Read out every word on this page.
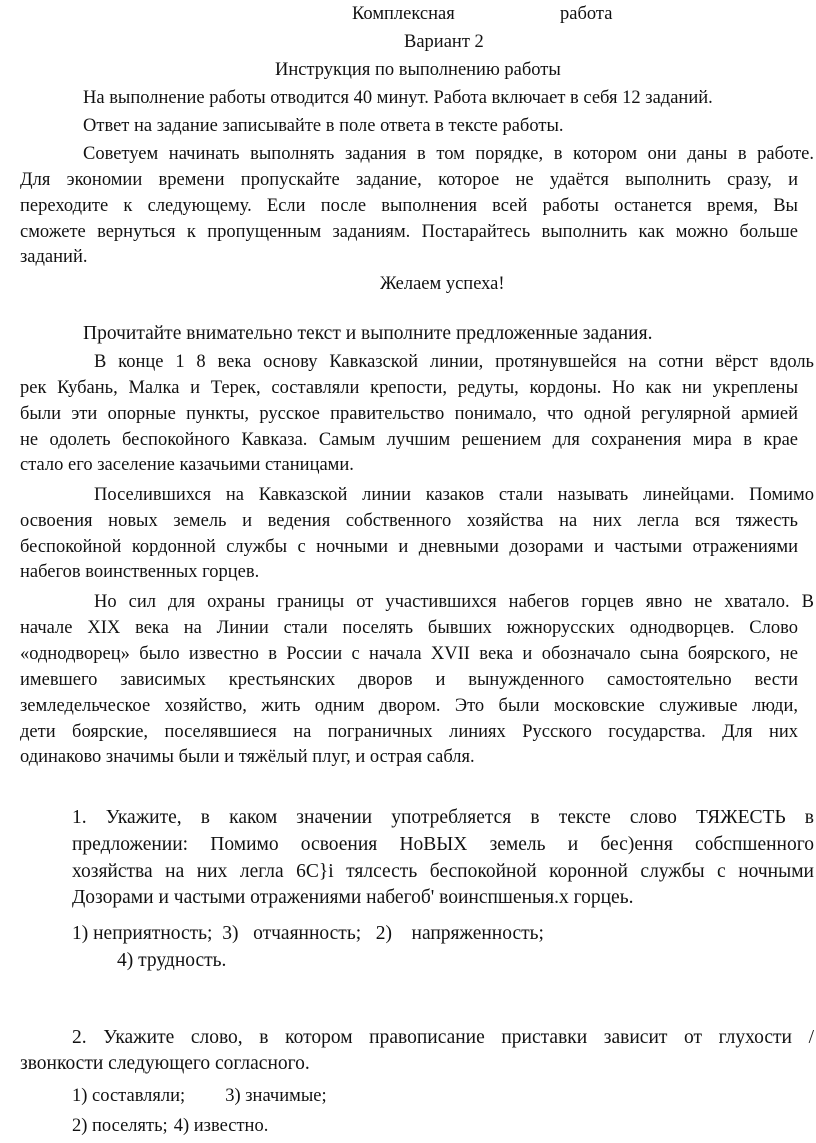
Комплексная	работа
Вариант 2
Инструкция по выполнению работы
На выполнение работы отводится 40 минут. Работа включает в себя 12 заданий.
Ответ на задание записывайте в поле ответа в тексте работы.
Советуем начинать выполнять задания в том порядке, в котором они даны в работе.
Для экономии времени пропускайте задание, которое не удаётся выполнить сразу, и
переходите к следующему. Если после выполнения всей работы останется время, Вы
сможете вернуться к пропущенным заданиям. Постарайтесь выполнить как можно больше
заданий.
Желаем успеха!
Прочитайте внимательно текст и выполните предложенные задания.
В конце 1 8 века основу Кавказской линии, протянувшейся на сотни вёрст вдоль
рек Кубань, Малка и Терек, составляли крепости, редуты, кордоны. Но как ни укреплены
были эти опорные пункты, русское правительство понимало, что одной регулярной армией
не одолеть беспокойного Кавказа. Самым лучшим решением для сохранения мира в крае
стало его заселение казачьими станицами.
Поселившихся на Кавказской линии казаков стали называть линейцами. Помимо
освоения новых земель и ведения собственного хозяйства на них легла вся тяжесть
беспокойной кордонной службы с ночными и дневными дозорами и частыми отражениями
набегов воинственных горцев.
Но сил для охраны границы от участившихся набегов горцев явно не хватало. В
начале XIX века на Линии стали поселять бывших южнорусских однодворцев. Слово
«однодворец» было известно в России с начала XVII века и обозначало сына боярского, не
имевшего зависимых крестьянских дворов и вынужденного самостоятельно вести
земледельческое хозяйство, жить одним двором. Это были московские служивые люди,
дети боярские, поселявшиеся на пограничных линиях Русского государства. Для них
одинаково значимы были и тяжёлый плуг, и острая сабля.
1. Укажите, в каком значении употребляется в тексте слово ТЯЖЕСТЬ в
предложении: Помимо освоения НоВЫХ земель и бес)ення собспшенного
хозяйства на них легла 6С}i тялсесть беспокойной коронной службы с ночными
Дозорами и частыми отражениями набегоб' воинспшеныя.х горцеь.
1) неприятность;  3)   отчаянность;   2)    напряженность;
4) трудность.
2. Укажите слово, в котором правописание приставки зависит от глухости /
звонкости следующего согласного.
1) составляли; 3) значимые;
2) поселять; 4) известно.
